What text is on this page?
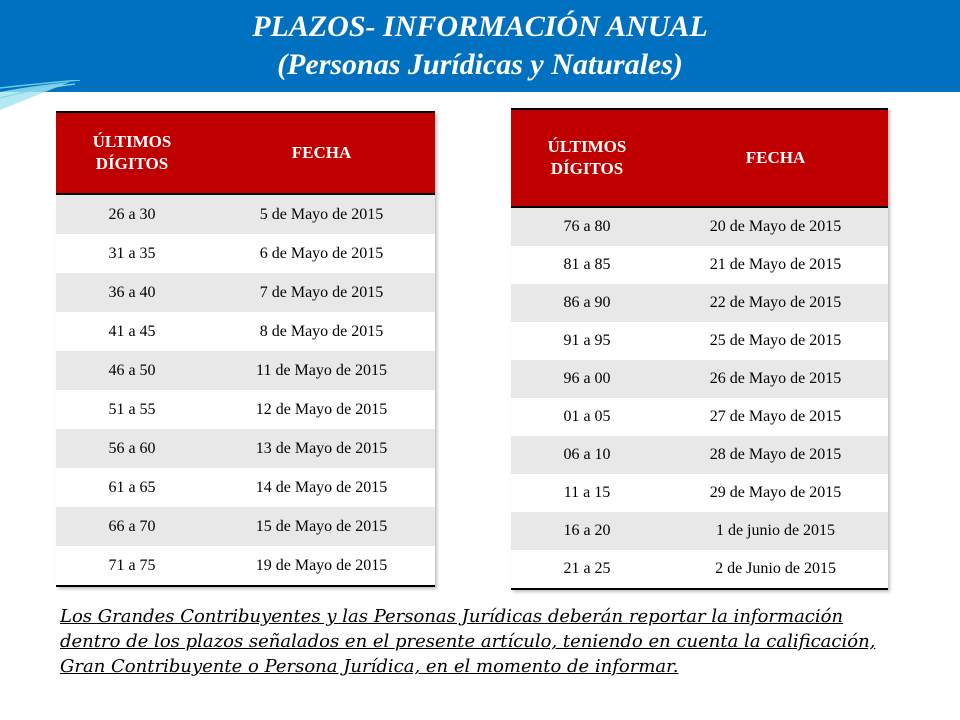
PLAZOS- INFORMACIÓN ANUAL
(Personas Jurídicas y Naturales)
ÚLTIMOS DÍGITOS	FECHA
26 a 30	5 de Mayo de 2015
31 a 35	6 de Mayo de 2015
36 a 40	7 de Mayo de 2015
41 a 45	8 de Mayo de 2015
46 a 50	11 de Mayo de 2015
51 a 55	12 de Mayo de 2015
56 a 60	13 de Mayo de 2015
61 a 65	14 de Mayo de 2015
66 a 70	15 de Mayo de 2015
71 a 75	19 de Mayo de 2015
ÚLTIMOS DÍGITOS	FECHA
76 a 80	20 de Mayo de 2015
81 a 85	21 de Mayo de 2015
86 a 90	22 de Mayo de 2015
91 a 95	25 de Mayo de 2015
96 a 00	26 de Mayo de 2015
01 a 05	27 de Mayo de 2015
06 a 10	28 de Mayo de 2015
11 a 15	29 de Mayo de 2015
16 a 20	1 de junio de 2015
21 a 25	2 de Junio de 2015
Los Grandes Contribuyentes y las Personas Jurídicas deberán reportar la información dentro de los plazos señalados en el presente artículo, teniendo en cuenta la calificación, Gran Contribuyente o Persona Jurídica, en el momento de informar.
